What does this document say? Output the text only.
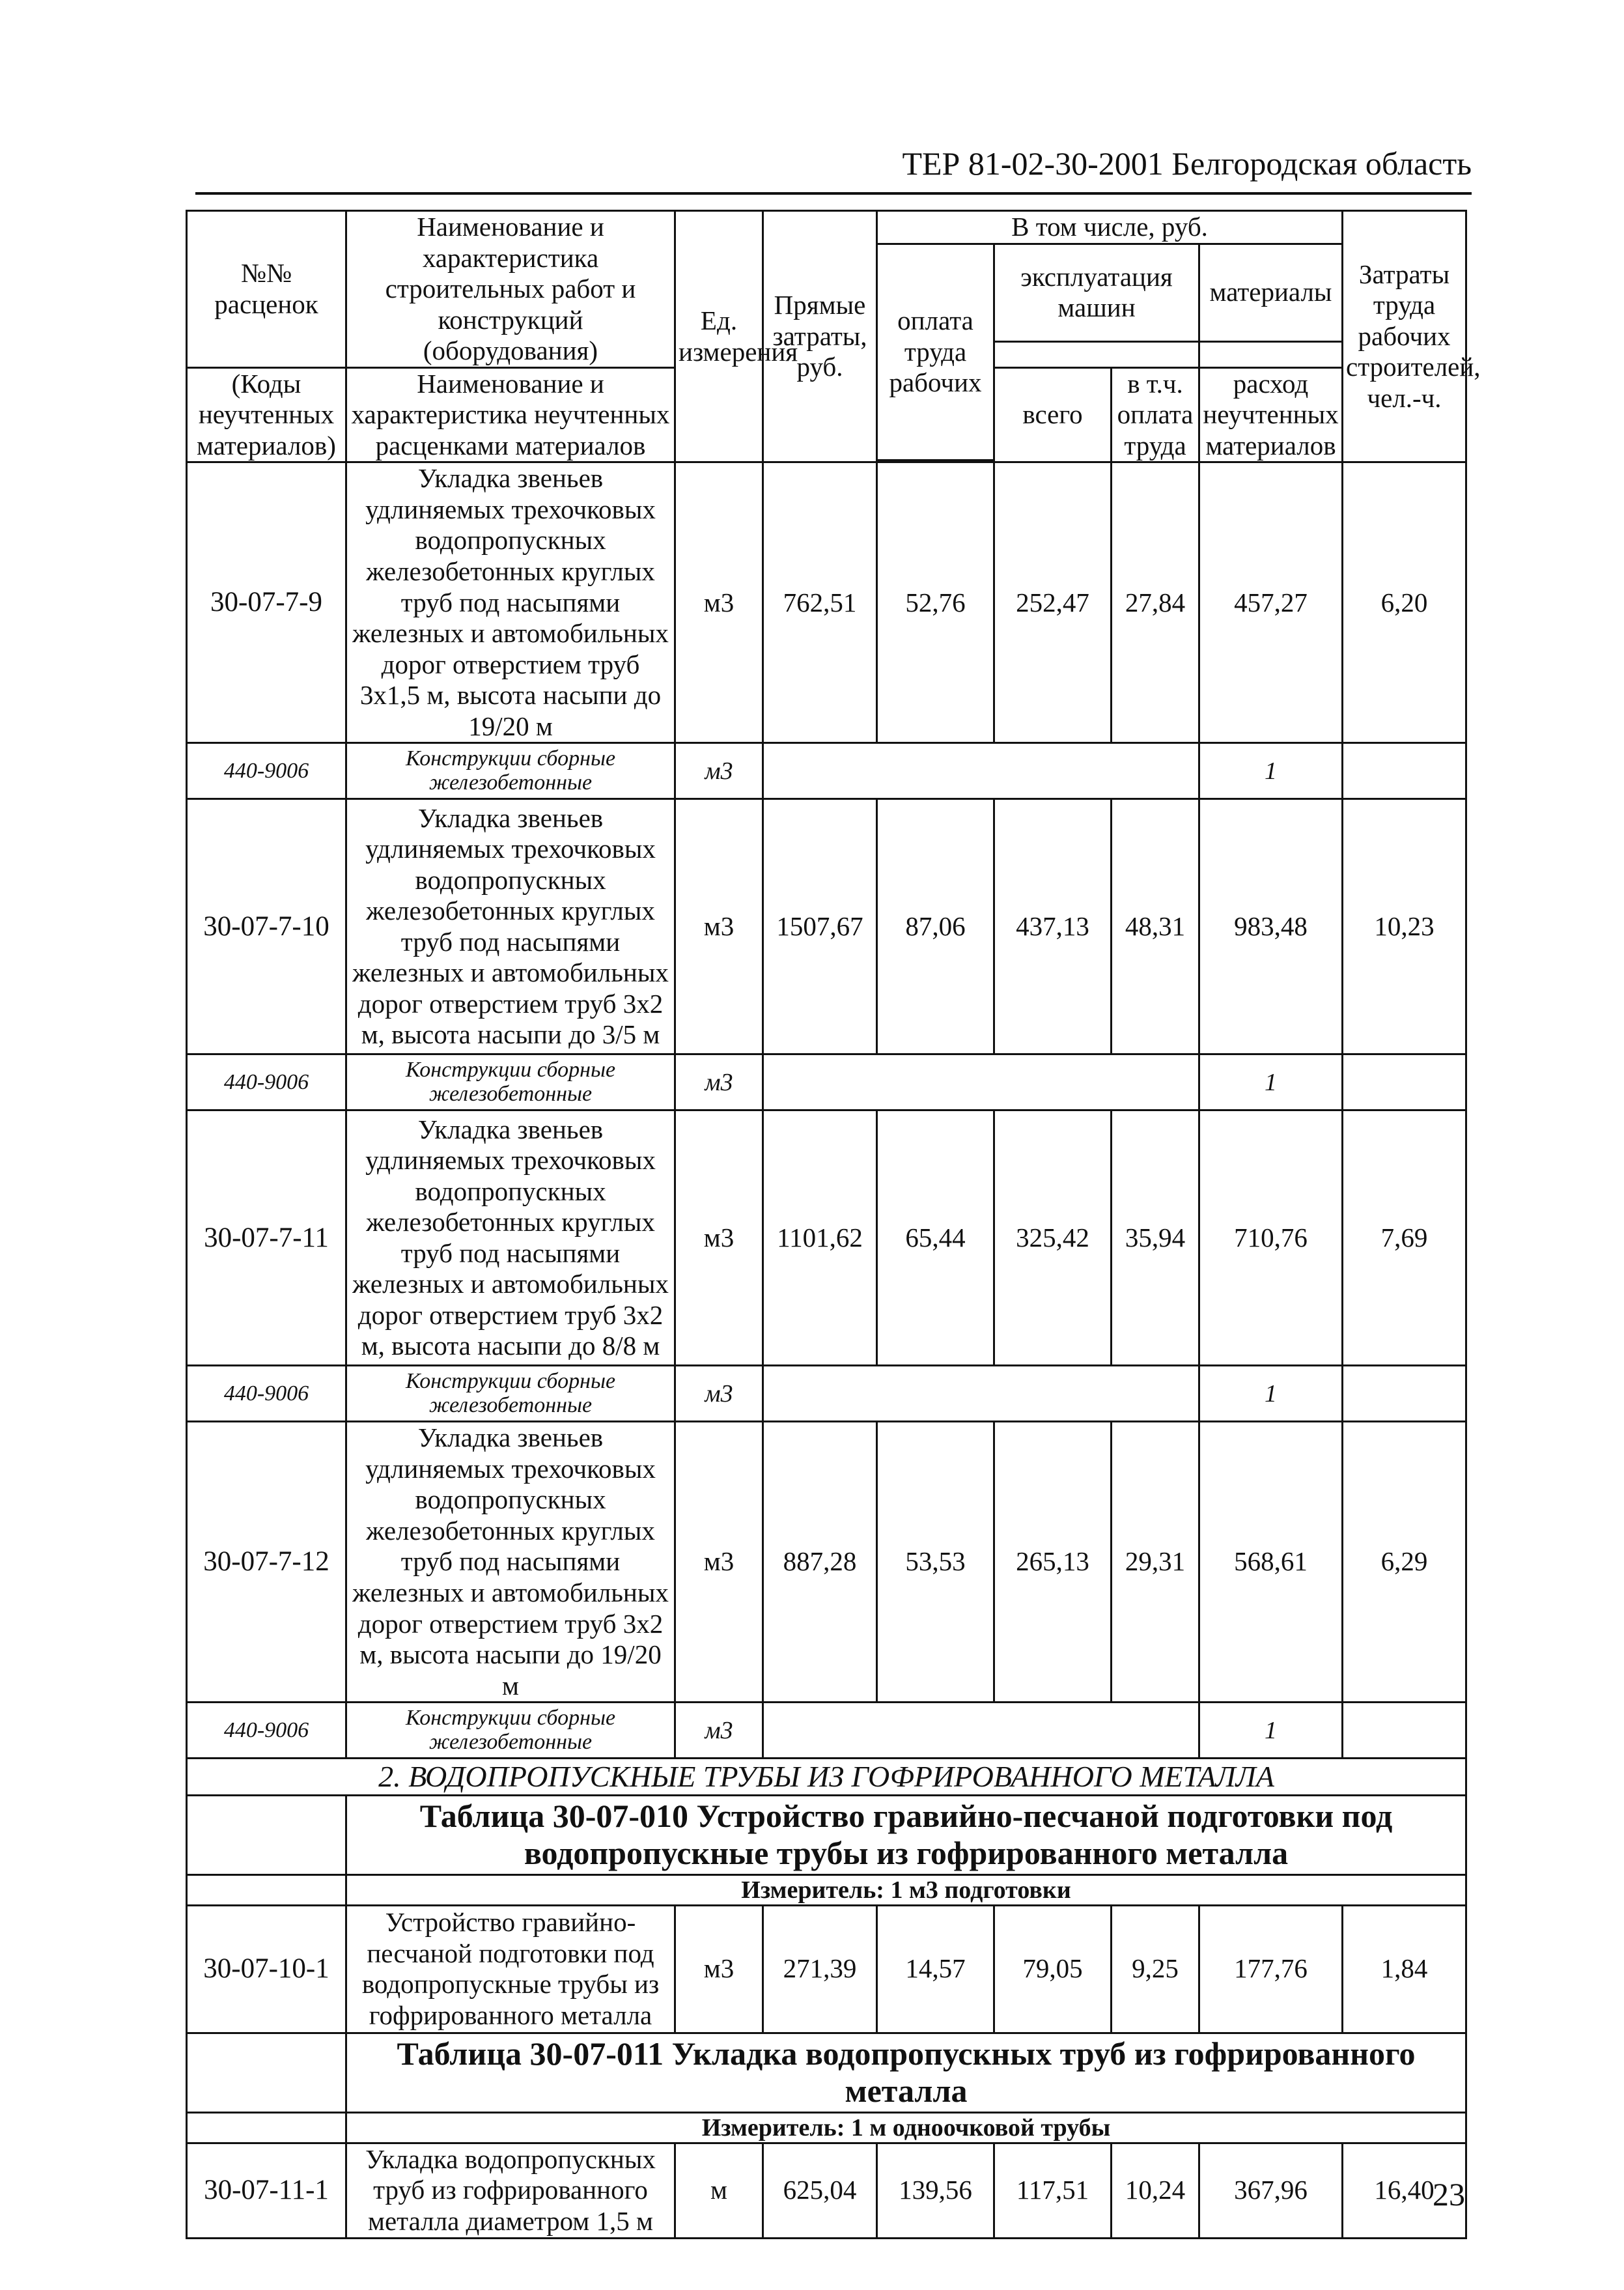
ТЕР 81-02-30-2001 Белгородская область
№№ расценок	Наименование и характеристика строительных работ и конструкций (оборудования)	Ед. измерения	Прямые затраты, руб.	В том числе, руб.				Затраты труда рабочих строителей, чел.-ч.
				оплата труда рабочих	эксплуатация машин		материалы	

(Коды неучтенных материалов)	Наименование и характеристика неучтенных расценками материалов				всего	в т.ч. оплата труда	расход неучтенных материалов	

30-07-7-9	Укладка звеньев удлиняемых трехочковых водопропускных железобетонных круглых труб под насыпями железных и автомобильных дорог отверстием труб 3х1,5 м, высота насыпи до 19/20 м	м3	762,51	52,76	252,47	27,84	457,27	6,20
440-9006	Конструкции сборные железобетонные	м3					1	
30-07-7-10	Укладка звеньев удлиняемых трехочковых водопропускных железобетонных круглых труб под насыпями железных и автомобильных дорог отверстием труб 3х2 м, высота насыпи до 3/5 м	м3	1507,67	87,06	437,13	48,31	983,48	10,23
440-9006	Конструкции сборные железобетонные	м3					1	
30-07-7-11	Укладка звеньев удлиняемых трехочковых водопропускных железобетонных круглых труб под насыпями железных и автомобильных дорог отверстием труб 3х2 м, высота насыпи до 8/8 м	м3	1101,62	65,44	325,42	35,94	710,76	7,69
440-9006	Конструкции сборные железобетонные	м3					1	
30-07-7-12	Укладка звеньев удлиняемых трехочковых водопропускных железобетонных круглых труб под насыпями железных и автомобильных дорог отверстием труб 3х2 м, высота насыпи до 19/20 м	м3	887,28	53,53	265,13	29,31	568,61	6,29
440-9006	Конструкции сборные железобетонные	м3					1	
2. ВОДОПРОПУСКНЫЕ ТРУБЫ ИЗ ГОФРИРОВАННОГО МЕТАЛЛА								
	Таблица 30-07-010 Устройство гравийно-песчаной подготовки под водопропускные трубы из гофрированного металла							
	Измеритель: 1 м3 подготовки							
30-07-10-1	Устройство гравийно-песчаной подготовки под водопропускные трубы из гофрированного металла	м3	271,39	14,57	79,05	9,25	177,76	1,84
	Таблица 30-07-011 Укладка водопропускных труб из гофрированного металла							
	Измеритель: 1 м одноочковой трубы							
30-07-11-1	Укладка водопропускных труб из гофрированного металла диаметром 1,5 м	м	625,04	139,56	117,51	10,24	367,96	16,40
23
